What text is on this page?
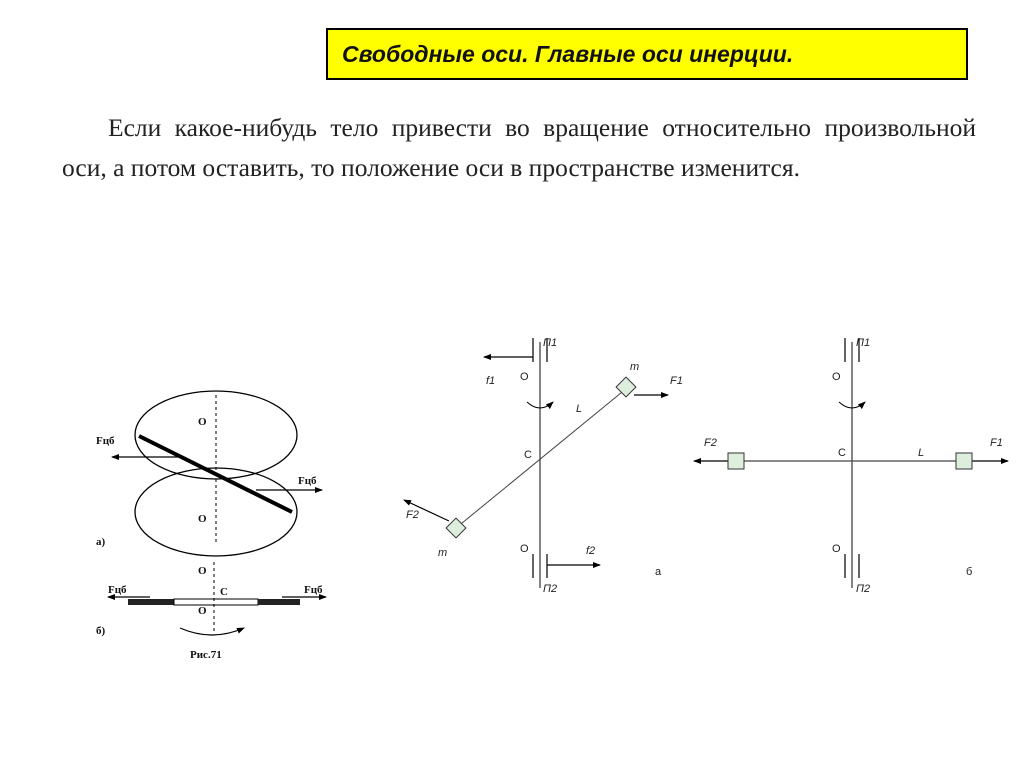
Свободные оси. Главные оси инерции.

Если какое-нибудь тело привести во вращение относительно произвольной оси, а потом оставить, то положение оси в пространстве изменится.

Fцб
Fцб
O
O
а)
Fцб	Fцб
O
C
O
б)
Рис.71
П1
П2
O
O
C
L
m
m
F1
F2
f1
f2
а
П1
П2
O
O
C
F2	F1
L
б
